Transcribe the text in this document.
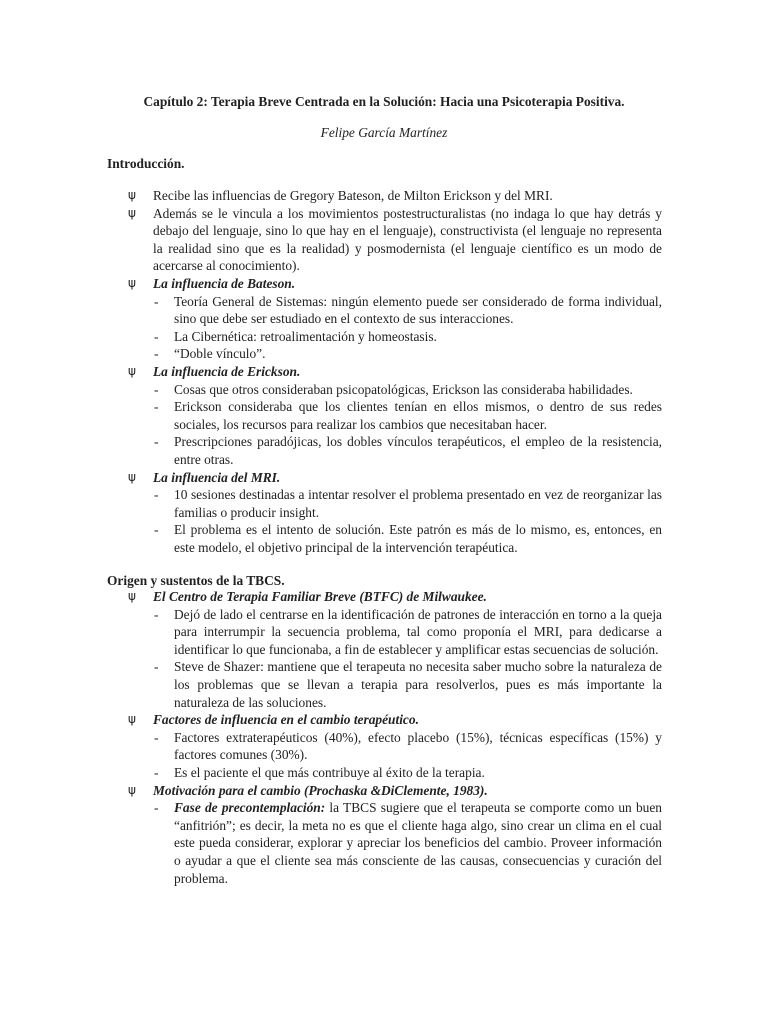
Capítulo 2: Terapia Breve Centrada en la Solución: Hacia una Psicoterapia Positiva.
Felipe García Martínez
Introducción.
ψ Recibe las influencias de Gregory Bateson, de Milton Erickson y del MRI.
ψ Además se le vincula a los movimientos postestructuralistas (no indaga lo que hay detrás y debajo del lenguaje, sino lo que hay en el lenguaje), constructivista (el lenguaje no representa la realidad sino que es la realidad) y posmodernista (el lenguaje científico es un modo de acercarse al conocimiento).
ψ La influencia de Bateson.
- Teoría General de Sistemas: ningún elemento puede ser considerado de forma individual, sino que debe ser estudiado en el contexto de sus interacciones.
- La Cibernética: retroalimentación y homeostasis.
- “Doble vínculo”.
ψ La influencia de Erickson.
- Cosas que otros consideraban psicopatológicas, Erickson las consideraba habilidades.
- Erickson consideraba que los clientes tenían en ellos mismos, o dentro de sus redes sociales, los recursos para realizar los cambios que necesitaban hacer.
- Prescripciones paradójicas, los dobles vínculos terapéuticos, el empleo de la resistencia, entre otras.
ψ La influencia del MRI.
- 10 sesiones destinadas a intentar resolver el problema presentado en vez de reorganizar las familias o producir insight.
- El problema es el intento de solución. Este patrón es más de lo mismo, es, entonces, en este modelo, el objetivo principal de la intervención terapéutica.
Origen y sustentos de la TBCS.
ψ El Centro de Terapia Familiar Breve (BTFC) de Milwaukee.
- Dejó de lado el centrarse en la identificación de patrones de interacción en torno a la queja para interrumpir la secuencia problema, tal como proponía el MRI, para dedicarse a identificar lo que funcionaba, a fin de establecer y amplificar estas secuencias de solución.
- Steve de Shazer: mantiene que el terapeuta no necesita saber mucho sobre la naturaleza de los problemas que se llevan a terapia para resolverlos, pues es más importante la naturaleza de las soluciones.
ψ Factores de influencia en el cambio terapéutico.
- Factores extraterapéuticos (40%), efecto placebo (15%), técnicas específicas (15%) y factores comunes (30%).
- Es el paciente el que más contribuye al éxito de la terapia.
ψ Motivación para el cambio (Prochaska &DiClemente, 1983).
- Fase de precontemplación: la TBCS sugiere que el terapeuta se comporte como un buen “anfitrión”; es decir, la meta no es que el cliente haga algo, sino crear un clima en el cual este pueda considerar, explorar y apreciar los beneficios del cambio. Proveer información o ayudar a que el cliente sea más consciente de las causas, consecuencias y curación del problema.
